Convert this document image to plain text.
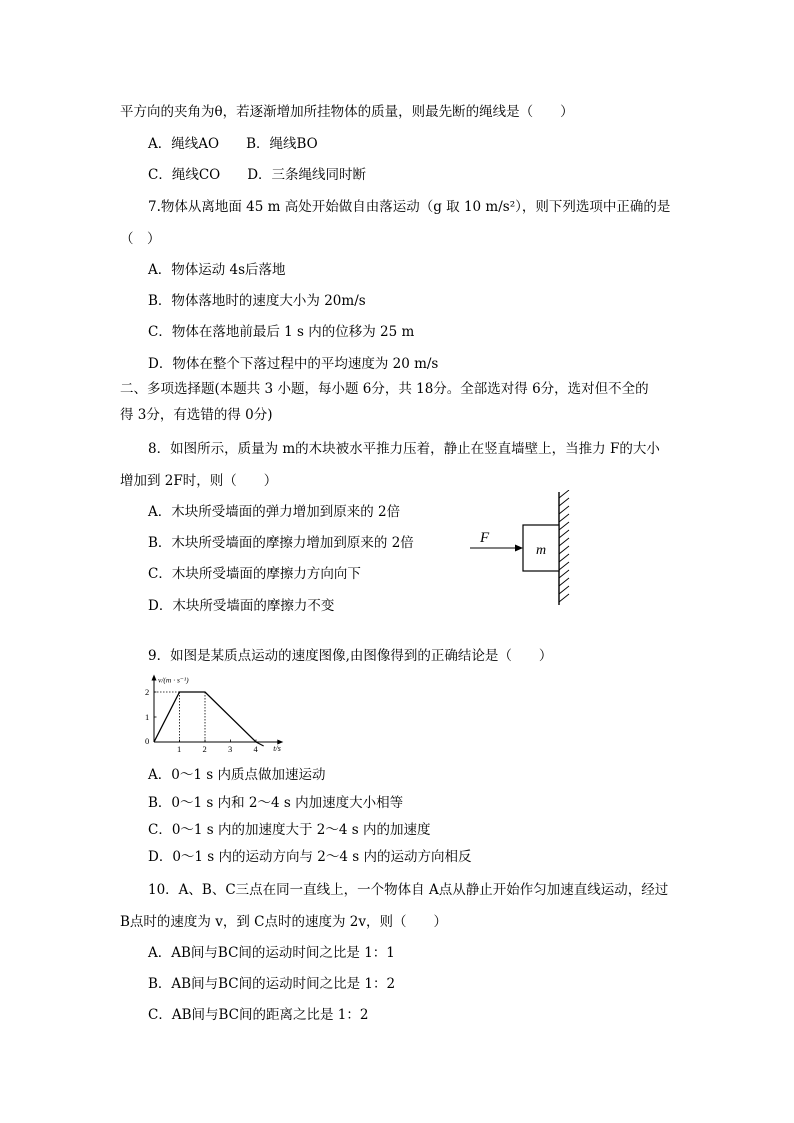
平方向的夹角为θ，若逐渐增加所挂物体的质量，则最先断的绳线是（　　）
A．绳线AO　　B．绳线BO
C．绳线CO　　D．三条绳线同时断
7.物体从离地面 45 m 高处开始做自由落运动（g 取 10 m/s²），则下列选项中正确的是
（　）
A．物体运动 4s后落地
B．物体落地时的速度大小为 20m/s
C．物体在落地前最后 1 s 内的位移为 25 m
D．物体在整个下落过程中的平均速度为 20 m/s
二、多项选择题(本题共 3 小题，每小题 6分，共 18分。全部选对得 6分，选对但不全的
得 3分，有选错的得 0分)
8．如图所示，质量为 m的木块被水平推力压着，静止在竖直墙壁上，当推力 F的大小
增加到 2F时，则（　　）
A．木块所受墙面的弹力增加到原来的 2倍
B．木块所受墙面的摩擦力增加到原来的 2倍
C．木块所受墙面的摩擦力方向向下
D．木块所受墙面的摩擦力不变
m
F
9．如图是某质点运动的速度图像,由图像得到的正确结论是（　　）
v/(m · s⁻¹)
t/s
0
1	2	3	4
1
2
A．0～1 s 内质点做加速运动
B．0～1 s 内和 2～4 s 内加速度大小相等
C．0～1 s 内的加速度大于 2～4 s 内的加速度
D．0～1 s 内的运动方向与 2～4 s 内的运动方向相反
10．A、B、C三点在同一直线上，一个物体自 A点从静止开始作匀加速直线运动，经过
B点时的速度为 v，到 C点时的速度为 2v，则（　　）
A．AB间与BC间的运动时间之比是 1：1
B．AB间与BC间的运动时间之比是 1：2
C．AB间与BC间的距离之比是 1：2
